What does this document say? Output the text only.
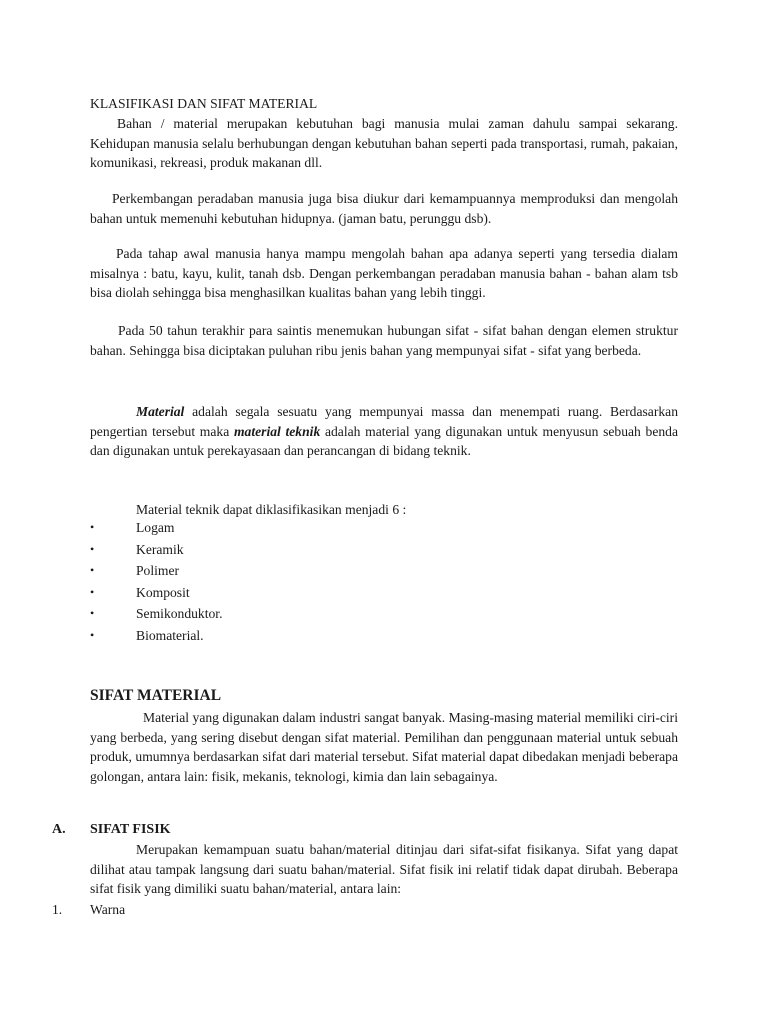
KLASIFIKASI DAN SIFAT MATERIAL

Bahan / material merupakan kebutuhan bagi manusia mulai zaman dahulu sampai sekarang. Kehidupan manusia selalu berhubungan dengan kebutuhan bahan seperti pada transportasi, rumah, pakaian, komunikasi, rekreasi, produk makanan dll.

Perkembangan peradaban manusia juga bisa diukur dari kemampuannya memproduksi dan mengolah bahan untuk memenuhi kebutuhan hidupnya. (jaman batu, perunggu dsb).

Pada tahap awal manusia hanya mampu mengolah bahan apa adanya seperti yang tersedia dialam misalnya : batu, kayu, kulit, tanah dsb. Dengan perkembangan peradaban manusia bahan - bahan alam tsb bisa diolah sehingga bisa menghasilkan kualitas bahan yang lebih tinggi.

Pada 50 tahun terakhir para saintis menemukan hubungan sifat - sifat bahan dengan elemen struktur bahan. Sehingga bisa diciptakan puluhan ribu jenis bahan yang mempunyai sifat - sifat yang berbeda.

Material adalah segala sesuatu yang mempunyai massa dan menempati ruang. Berdasarkan pengertian tersebut maka material teknik adalah material yang digunakan untuk menyusun sebuah benda dan digunakan untuk perekayasaan dan perancangan di bidang teknik.

Material teknik dapat diklasifikasikan menjadi 6 :
•	Logam
•	Keramik
•	Polimer
•	Komposit
•	Semikonduktor.
•	Biomaterial.
SIFAT MATERIAL

Material yang digunakan dalam industri sangat banyak. Masing-masing material memiliki ciri-ciri yang berbeda, yang sering disebut dengan sifat material. Pemilihan dan penggunaan material untuk sebuah produk, umumnya berdasarkan sifat dari material tersebut. Sifat material dapat dibedakan menjadi beberapa golongan, antara lain: fisik, mekanis, teknologi, kimia dan lain sebagainya.

A. SIFAT FISIK

Merupakan kemampuan suatu bahan/material ditinjau dari sifat-sifat fisikanya. Sifat yang dapat dilihat atau tampak langsung dari suatu bahan/material. Sifat fisik ini relatif tidak dapat dirubah. Beberapa sifat fisik yang dimiliki suatu bahan/material, antara lain:

1. Warna
